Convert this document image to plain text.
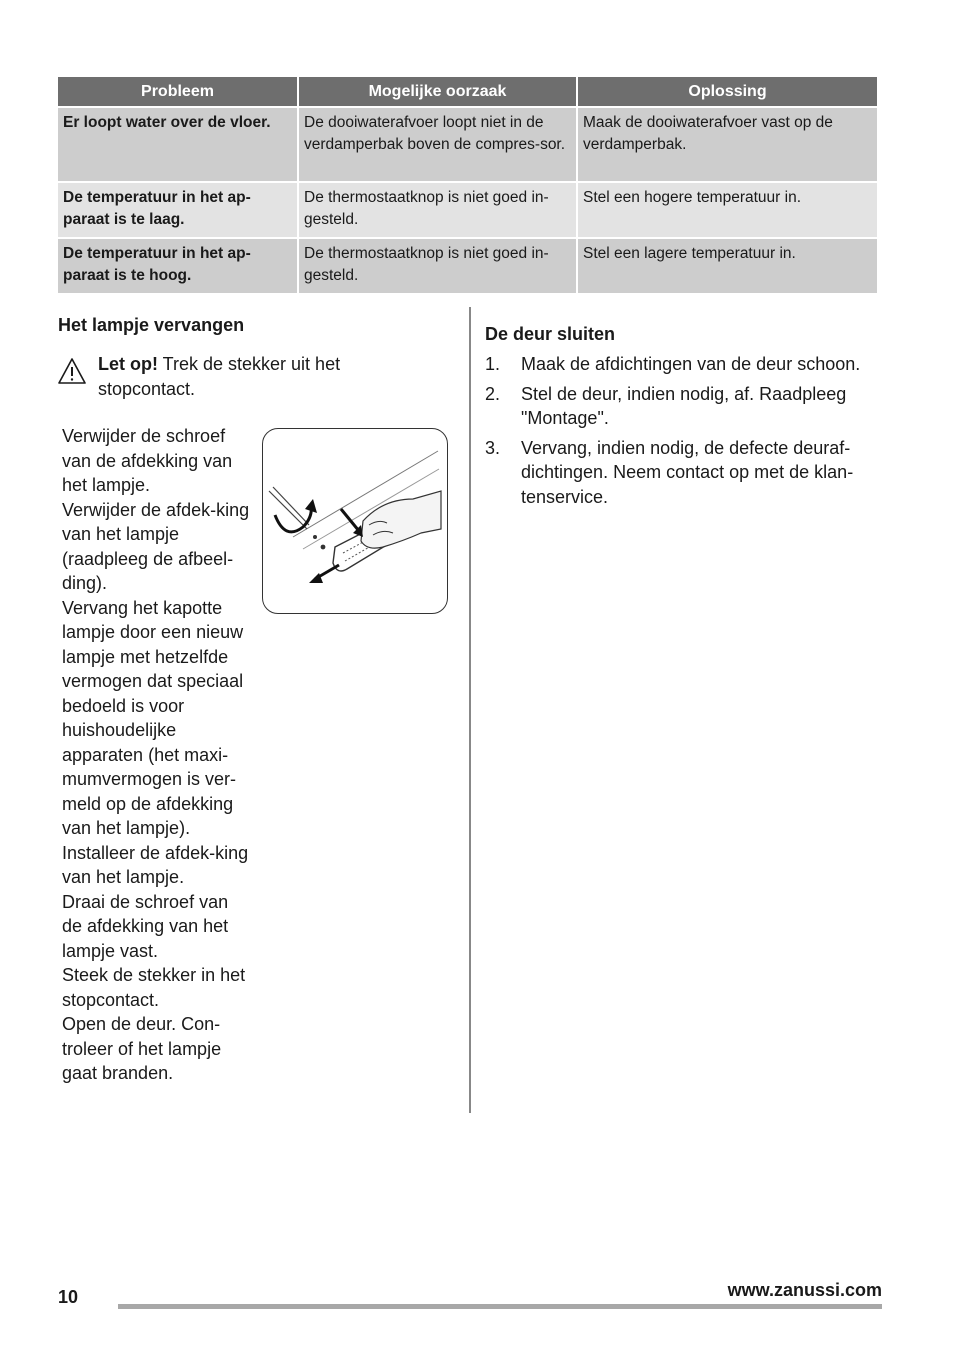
Probleem	Mogelijke oorzaak	Oplossing
Er loopt water over de vloer.	De dooiwaterafvoer loopt niet in de verdamperbak boven de compres-sor.	Maak de dooiwaterafvoer vast op de verdamperbak.
De temperatuur in het ap-paraat is te laag.	De thermostaatknop is niet goed in-gesteld.	Stel een hogere temperatuur in.
De temperatuur in het ap-paraat is te hoog.	De thermostaatknop is niet goed in-gesteld.	Stel een lagere temperatuur in.
Het lampje vervangen
Let op! Trek de stekker uit het stopcontact.
Verwijder de schroef van de afdekking van het lampje.
Verwijder de afdek-king van het lampje (raadpleeg de afbeel-ding).
Vervang het kapotte lampje door een nieuw lampje met hetzelfde vermogen dat speciaal bedoeld is voor huishoudelijke apparaten (het maxi-mumvermogen is ver-meld op de afdekking van het lampje).
Installeer de afdek-king van het lampje.
Draai de schroef van de afdekking van het lampje vast.
Steek de stekker in het stopcontact.
Open de deur. Con-troleer of het lampje gaat branden.
De deur sluiten
1. Maak de afdichtingen van de deur schoon.
2. Stel de deur, indien nodig, af. Raadpleeg "Montage".
3. Vervang, indien nodig, de defecte deuraf-dichtingen. Neem contact op met de klan-tenservice.
10	www.zanussi.com
